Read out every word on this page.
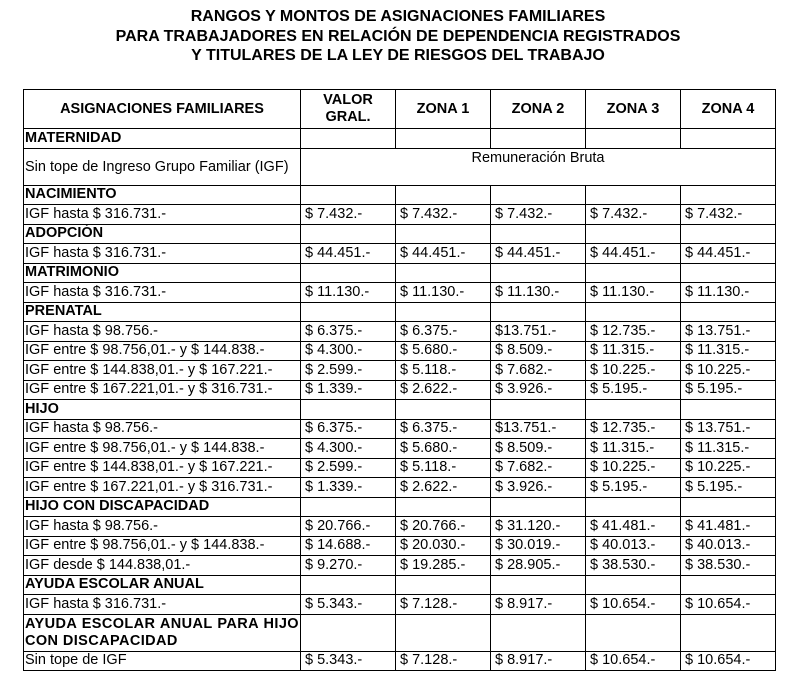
RANGOS Y MONTOS DE ASIGNACIONES FAMILIARES
PARA TRABAJADORES EN RELACIÓN DE DEPENDENCIA REGISTRADOS
Y TITULARES DE LA LEY DE RIESGOS DEL TRABAJO
ASIGNACIONES FAMILIARES	VALOR GRAL.	ZONA 1	ZONA 2	ZONA 3	ZONA 4
MATERNIDAD					
Sin tope de Ingreso Grupo Familiar (IGF)	Remuneración Bruta				
NACIMIENTO					
IGF hasta $ 316.731.-	$ 7.432.-	$ 7.432.-	$ 7.432.-	$ 7.432.-	$ 7.432.-
ADOPCIÓN					
IGF hasta $ 316.731.-	$ 44.451.-	$ 44.451.-	$ 44.451.-	$ 44.451.-	$ 44.451.-
MATRIMONIO					
IGF hasta $ 316.731.-	$ 11.130.-	$ 11.130.-	$ 11.130.-	$ 11.130.-	$ 11.130.-
PRENATAL					
IGF hasta $ 98.756.-	$ 6.375.-	$ 6.375.-	$13.751.-	$ 12.735.-	$ 13.751.-
IGF entre $ 98.756,01.- y $ 144.838.-	$ 4.300.-	$ 5.680.-	$ 8.509.-	$ 11.315.-	$ 11.315.-
IGF entre $ 144.838,01.- y $ 167.221.-	$ 2.599.-	$ 5.118.-	$ 7.682.-	$ 10.225.-	$ 10.225.-
IGF entre $ 167.221,01.- y $ 316.731.-	$ 1.339.-	$ 2.622.-	$ 3.926.-	$ 5.195.-	$ 5.195.-
HIJO					
IGF hasta $ 98.756.-	$ 6.375.-	$ 6.375.-	$13.751.-	$ 12.735.-	$ 13.751.-
IGF entre $ 98.756,01.- y $ 144.838.-	$ 4.300.-	$ 5.680.-	$ 8.509.-	$ 11.315.-	$ 11.315.-
IGF entre $ 144.838,01.- y $ 167.221.-	$ 2.599.-	$ 5.118.-	$ 7.682.-	$ 10.225.-	$ 10.225.-
IGF entre $ 167.221,01.- y $ 316.731.-	$ 1.339.-	$ 2.622.-	$ 3.926.-	$ 5.195.-	$ 5.195.-
HIJO CON DISCAPACIDAD					
IGF hasta $ 98.756.-	$ 20.766.-	$ 20.766.-	$ 31.120.-	$ 41.481.-	$ 41.481.-
IGF entre $ 98.756,01.- y $ 144.838.-	$ 14.688.-	$ 20.030.-	$ 30.019.-	$ 40.013.-	$ 40.013.-
IGF desde $ 144.838,01.-	$ 9.270.-	$ 19.285.-	$ 28.905.-	$ 38.530.-	$ 38.530.-
AYUDA ESCOLAR ANUAL					
IGF hasta $ 316.731.-	$ 5.343.-	$ 7.128.-	$ 8.917.-	$ 10.654.-	$ 10.654.-
AYUDA ESCOLAR ANUAL PARA HIJO CON DISCAPACIDAD					
Sin tope de IGF	$ 5.343.-	$ 7.128.-	$ 8.917.-	$ 10.654.-	$ 10.654.-
